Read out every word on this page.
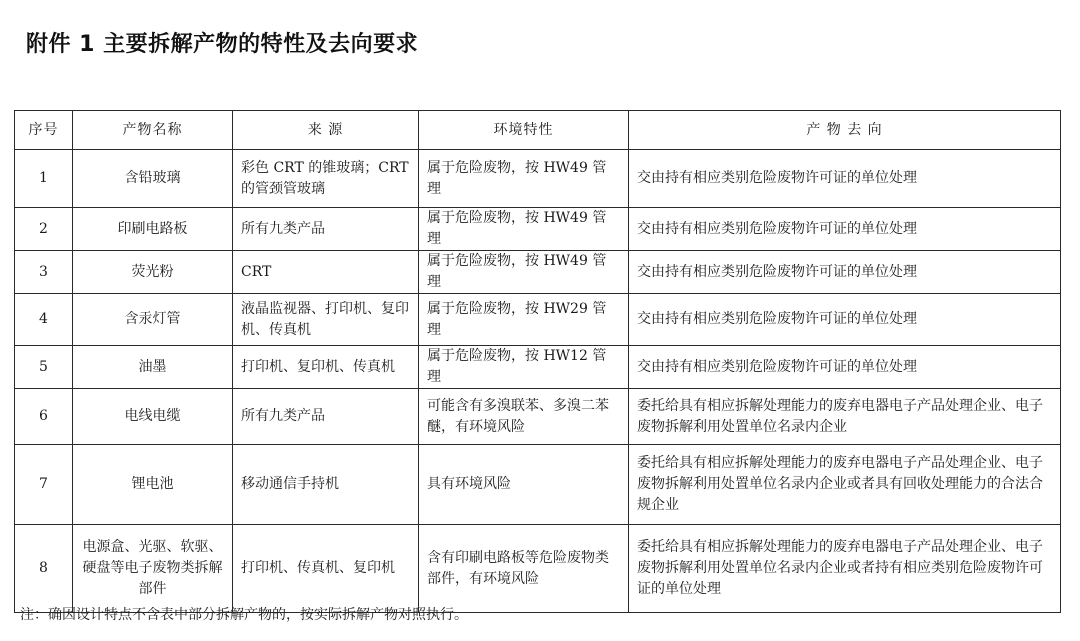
附件 1 主要拆解产物的特性及去向要求
序号	产物名称	来 源	环境特性	产 物 去 向
1	含铅玻璃	彩色 CRT 的锥玻璃；CRT 的管颈管玻璃	属于危险废物，按 HW49 管理	交由持有相应类别危险废物许可证的单位处理
2	印刷电路板	所有九类产品	属于危险废物，按 HW49 管理	交由持有相应类别危险废物许可证的单位处理
3	荧光粉	CRT	属于危险废物，按 HW49 管理	交由持有相应类别危险废物许可证的单位处理
4	含汞灯管	液晶监视器、打印机、复印机、传真机	属于危险废物，按 HW29 管理	交由持有相应类别危险废物许可证的单位处理
5	油墨	打印机、复印机、传真机	属于危险废物，按 HW12 管理	交由持有相应类别危险废物许可证的单位处理
6	电线电缆	所有九类产品	可能含有多溴联苯、多溴二苯醚，有环境风险	委托给具有相应拆解处理能力的废弃电器电子产品处理企业、电子废物拆解利用处置单位名录内企业
7	锂电池	移动通信手持机	具有环境风险	委托给具有相应拆解处理能力的废弃电器电子产品处理企业、电子废物拆解利用处置单位名录内企业或者具有回收处理能力的合法合规企业
8	电源盒、光驱、软驱、硬盘等电子废物类拆解部件	打印机、传真机、复印机	含有印刷电路板等危险废物类部件，有环境风险	委托给具有相应拆解处理能力的废弃电器电子产品处理企业、电子废物拆解利用处置单位名录内企业或者持有相应类别危险废物许可证的单位处理
注：确因设计特点不含表中部分拆解产物的，按实际拆解产物对照执行。
